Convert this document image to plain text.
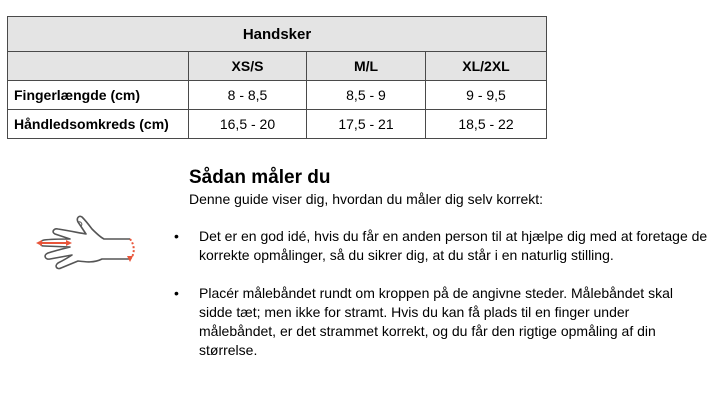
Handsker			
	XS/S	M/L	XL/2XL
Fingerlængde (cm)	8 - 8,5	8,5 - 9	9 - 9,5
Håndledsomkreds (cm)	16,5 - 20	17,5 - 21	18,5 - 22
Sådan måler du

Denne guide viser dig, hvordan du måler dig selv korrekt:

• Det er en god idé, hvis du får en anden person til at hjælpe dig med at foretage de korrekte opmålinger, så du sikrer dig, at du står i en naturlig stilling.
• Placér målebåndet rundt om kroppen på de angivne steder. Målebåndet skal sidde tæt; men ikke for stramt. Hvis du kan få plads til en finger under målebåndet, er det strammet korrekt, og du får den rigtige opmåling af din størrelse.
